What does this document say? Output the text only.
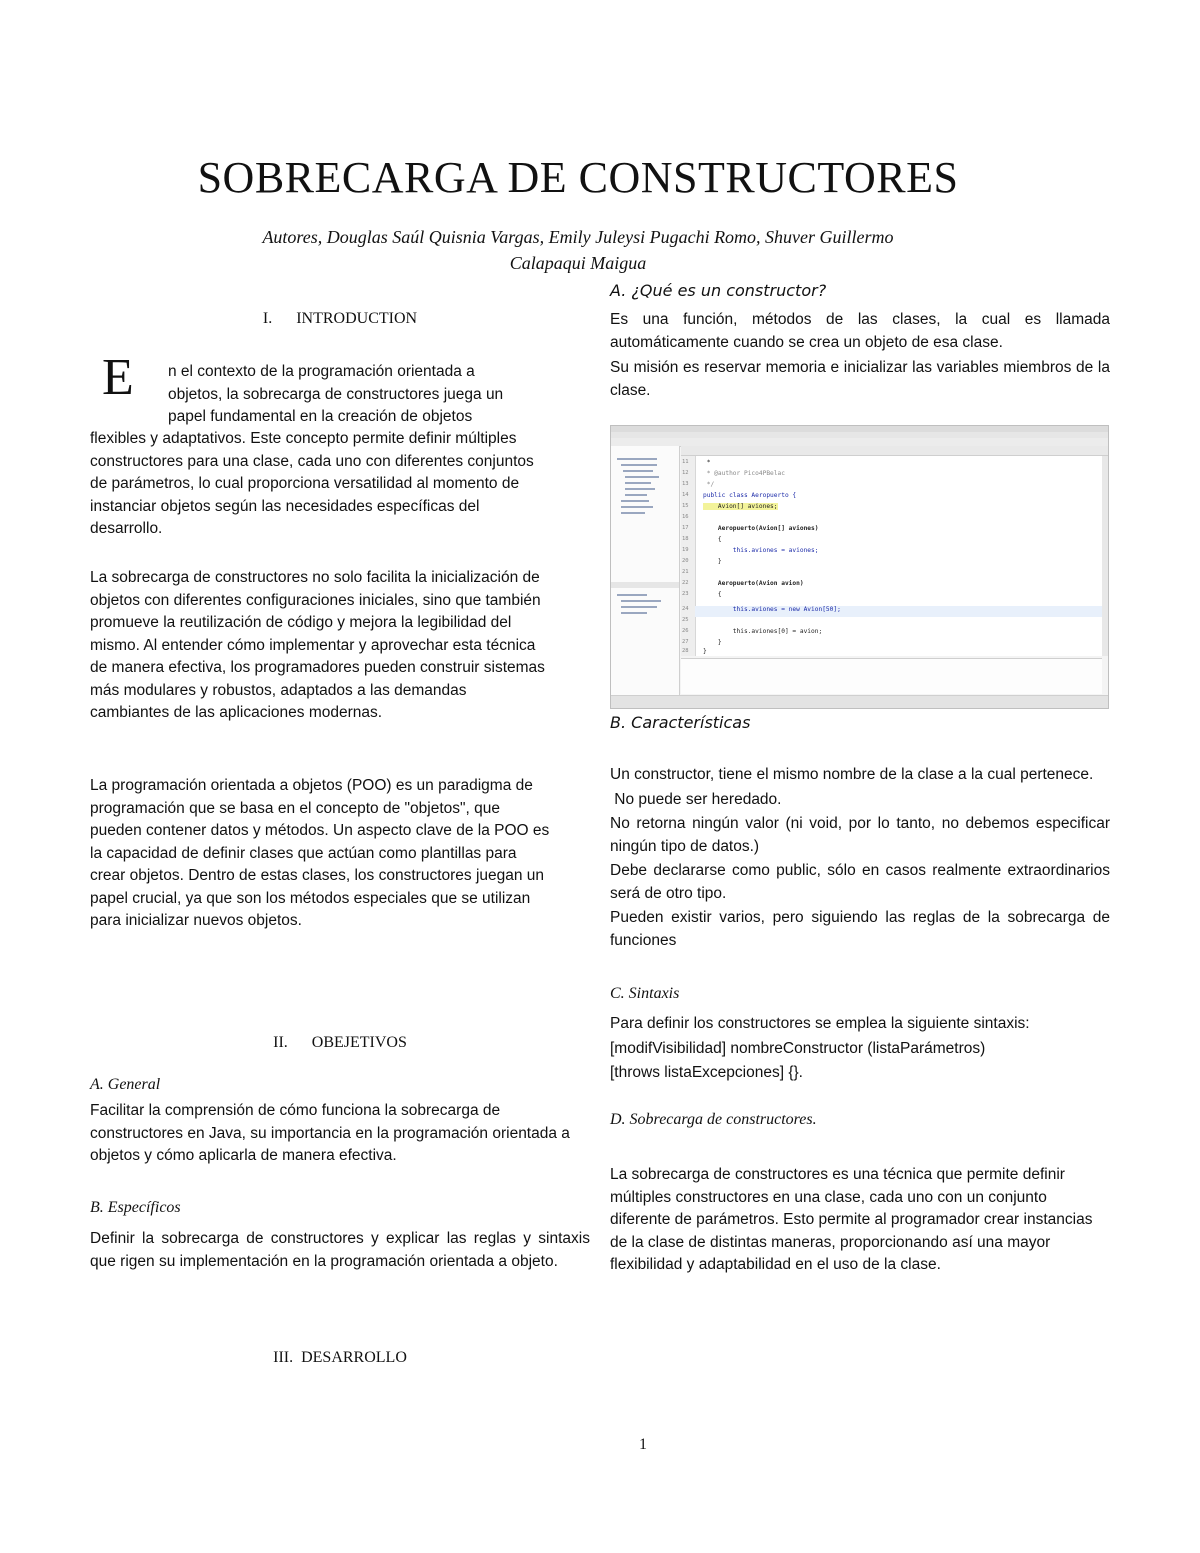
SOBRECARGA DE CONSTRUCTORES
Autores, Douglas Saúl Quisnia Vargas, Emily Juleysi Pugachi Romo, Shuver Guillermo
Calapaqui Maigua
I. INTRODUCTION
E n el contexto de la programación orientada a
objetos, la sobrecarga de constructores juega un
papel fundamental en la creación de objetos

flexibles y adaptativos. Este concepto permite definir múltiples constructores para una clase, cada uno con diferentes conjuntos de parámetros, lo cual proporciona versatilidad al momento de instanciar objetos según las necesidades específicas del desarrollo.

La sobrecarga de constructores no solo facilita la inicialización de objetos con diferentes configuraciones iniciales, sino que también promueve la reutilización de código y mejora la legibilidad del mismo. Al entender cómo implementar y aprovechar esta técnica de manera efectiva, los programadores pueden construir sistemas más modulares y robustos, adaptados a las demandas cambiantes de las aplicaciones modernas.

La programación orientada a objetos (POO) es un paradigma de programación que se basa en el concepto de "objetos", que pueden contener datos y métodos. Un aspecto clave de la POO es la capacidad de definir clases que actúan como plantillas para crear objetos. Dentro de estas clases, los constructores juegan un papel crucial, ya que son los métodos especiales que se utilizan para inicializar nuevos objetos.

II. OBEJETIVOS
A. General

Facilitar la comprensión de cómo funciona la sobrecarga de constructores en Java, su importancia en la programación orientada a objetos y cómo aplicarla de manera efectiva.

B. Específicos

Definir la sobrecarga de constructores y explicar las reglas y sintaxis que rigen su implementación en la programación orientada a objeto.

III. DESARROLLO
A. ¿Qué es un constructor?

Es una función, métodos de las clases, la cual es llamada automáticamente cuando se crea un objeto de esa clase.

Su misión es reservar memoria e inicializar las variables miembros de la clase.

11 *
12 * @author Pico4PBelac
13 */
14 public class Aeropuerto {
15 Avion[] aviones;
16
17 Aeropuerto(Avion[] aviones)
18 {
19 this.aviones = aviones;
20 }
21
22 Aeropuerto(Avion avion)
23 {
24 this.aviones = new Avion[50];
25
26 this.aviones[0] = avion;
27 }
28 }
B. Características

Un constructor, tiene el mismo nombre de la clase a la cual pertenece.

No puede ser heredado.

No retorna ningún valor (ni void, por lo tanto, no debemos especificar ningún tipo de datos.)

Debe declararse como public, sólo en casos realmente extraordinarios será de otro tipo.

Pueden existir varios, pero siguiendo las reglas de la sobrecarga de funciones

C. Sintaxis
Para definir los constructores se emplea la siguiente sintaxis:
[modifVisibilidad] nombreConstructor (listaParámetros)
[throws listaExcepciones] {}.
D. Sobrecarga de constructores.

La sobrecarga de constructores es una técnica que permite definir múltiples constructores en una clase, cada uno con un conjunto diferente de parámetros. Esto permite al programador crear instancias de la clase de distintas maneras, proporcionando así una mayor flexibilidad y adaptabilidad en el uso de la clase.

1
